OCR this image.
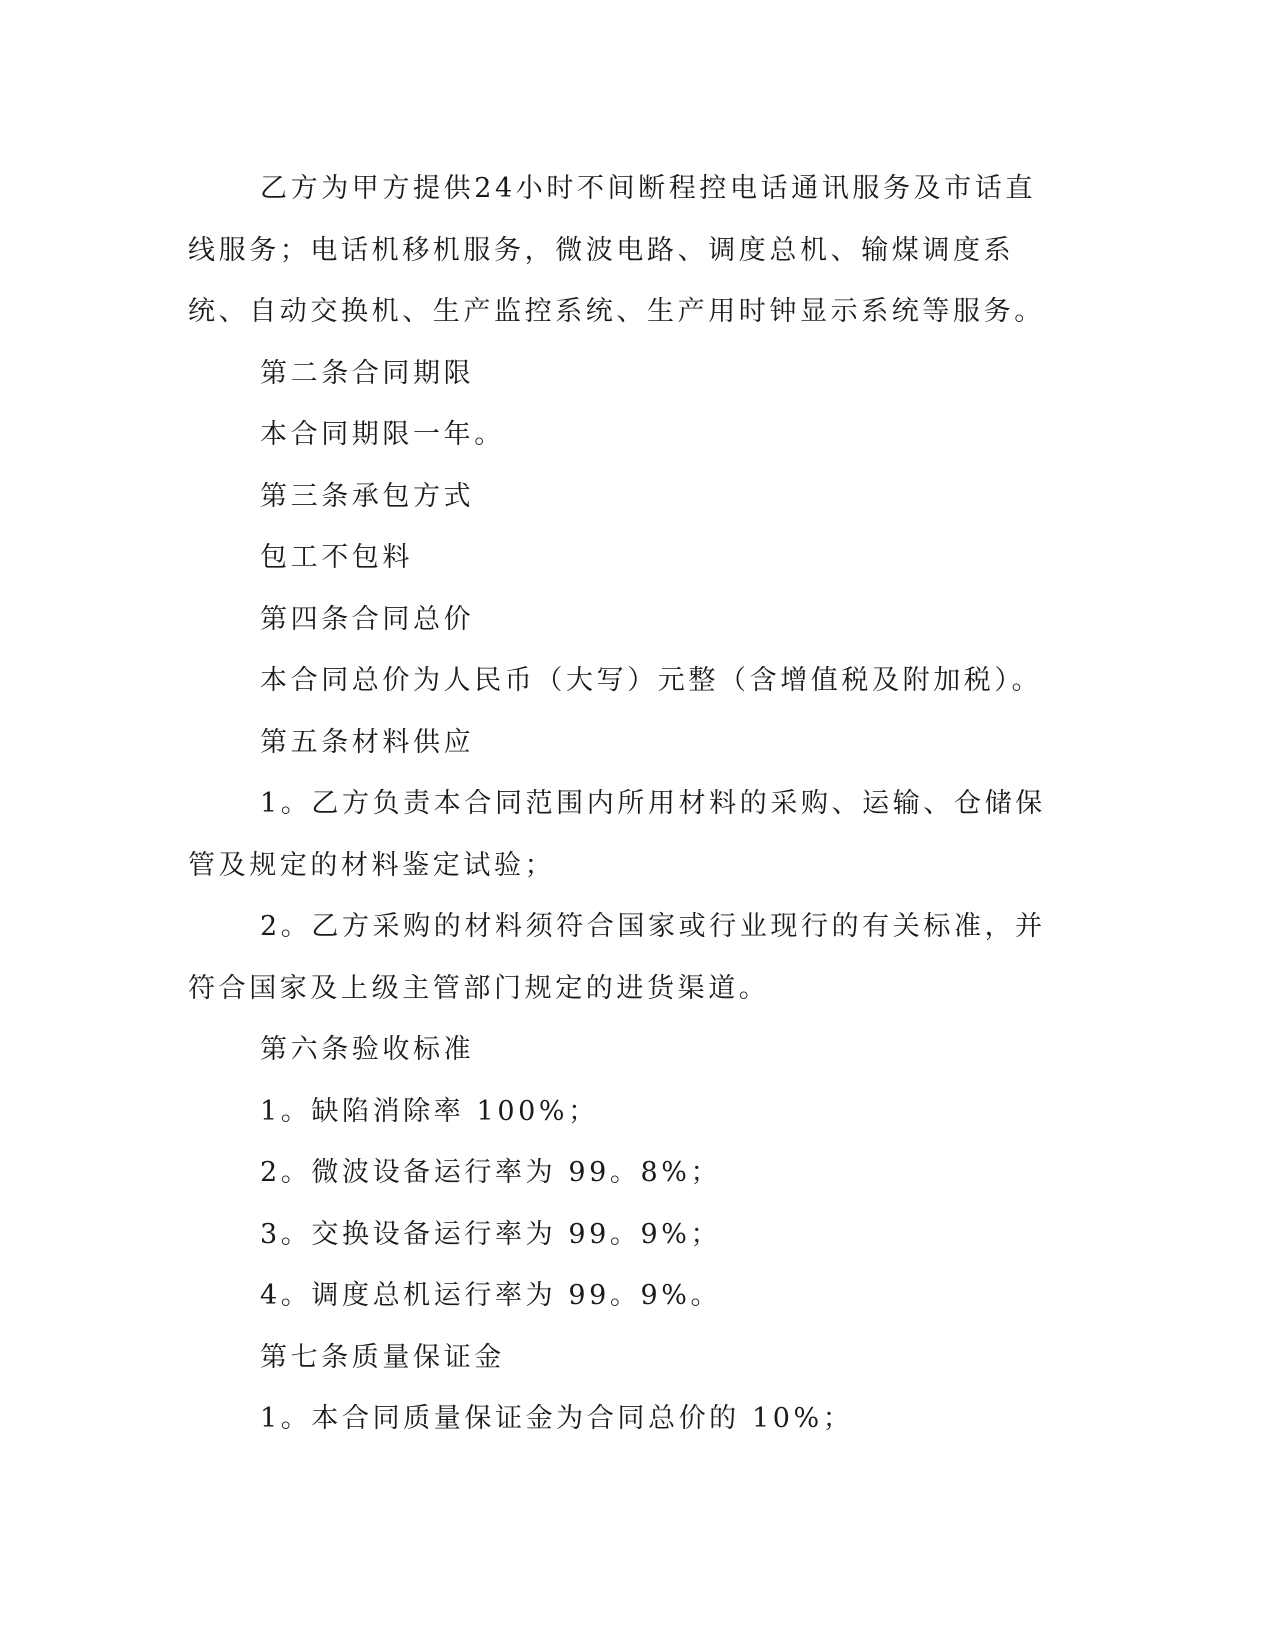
乙方为甲方提供24小时不间断程控电话通讯服务及市话直线服务；电话机移机服务，微波电路、调度总机、输煤调度系统、自动交换机、生产监控系统、生产用时钟显示系统等服务。

第二条合同期限

本合同期限一年。

第三条承包方式

包工不包料

第四条合同总价

本合同总价为人民币（大写）元整（含增值税及附加税）。

第五条材料供应

1。乙方负责本合同范围内所用材料的采购、运输、仓储保管及规定的材料鉴定试验；

2。乙方采购的材料须符合国家或行业现行的有关标准，并符合国家及上级主管部门规定的进货渠道。

第六条验收标准

1。缺陷消除率 100%；

2。微波设备运行率为 99。8%；

3。交换设备运行率为 99。9%；

4。调度总机运行率为 99。9%。

第七条质量保证金

1。本合同质量保证金为合同总价的 10%；
